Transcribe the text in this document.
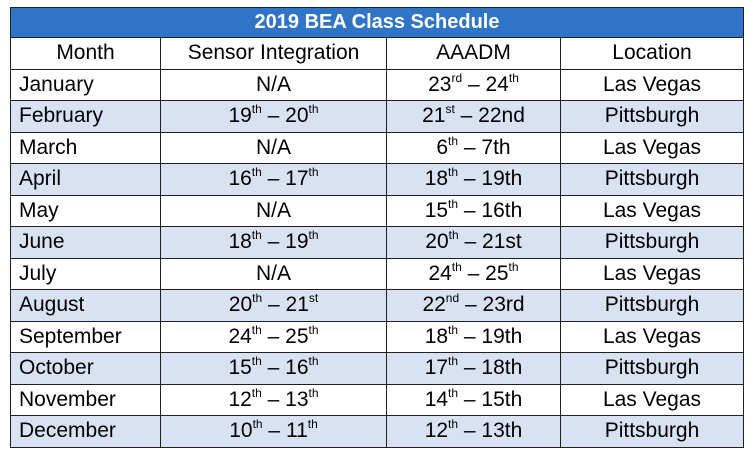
2019 BEA Class Schedule			
Month	Sensor Integration	AAADM	Location
January	N/A	23rd – 24th	Las Vegas
February	19th – 20th	21st – 22nd	Pittsburgh
March	N/A	6th – 7th	Las Vegas
April	16th – 17th	18th – 19th	Pittsburgh
May	N/A	15th – 16th	Las Vegas
June	18th – 19th	20th – 21st	Pittsburgh
July	N/A	24th – 25th	Las Vegas
August	20th – 21st	22nd – 23rd	Pittsburgh
September	24th – 25th	18th – 19th	Las Vegas
October	15th – 16th	17th – 18th	Pittsburgh
November	12th – 13th	14th – 15th	Las Vegas
December	10th – 11th	12th – 13th	Pittsburgh
